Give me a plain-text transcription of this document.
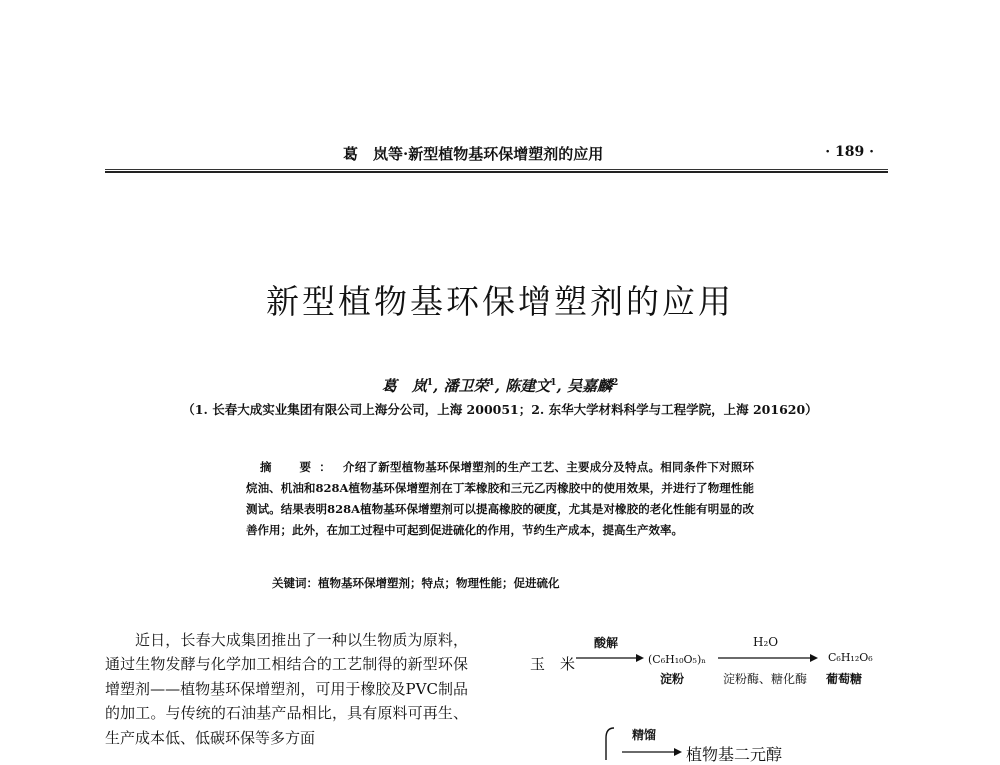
葛　岚等·新型植物基环保增塑剂的应用	· 189 ·
新型植物基环保增塑剂的应用
葛　岚$^1$, 潘卫荣$^1$, 陈建文$^1$, 吴嘉麟$^2$
（1. 长春大成实业集团有限公司上海分公司，上海 200051；2. 东华大学材料科学与工程学院，上海 201620）
摘　要： 介绍了新型植物基环保增塑剂的生产工艺、主要成分及特点。相同条件下对照环烷油、机油和828A植物基环保增塑剂在丁苯橡胶和三元乙丙橡胶中的使用效果，并进行了物理性能测试。结果表明828A植物基环保增塑剂可以提高橡胶的硬度，尤其是对橡胶的老化性能有明显的改善作用；此外，在加工过程中可起到促进硫化的作用，节约生产成本，提高生产效率。
关键词：植物基环保增塑剂；特点；物理性能；促进硫化

近日，长春大成集团推出了一种以生物质为原料，通过生物发酵与化学加工相结合的工艺制得的新型环保增塑剂——植物基环保增塑剂，可用于橡胶及PVC制品的加工。与传统的石油基产品相比，具有原料可再生、生产成本低、低碳环保等多方面

玉　米
酸解
(C₆H₁₀O₅)ₙ
淀粉
H₂O
淀粉酶、糖化酶
C₆H₁₂O₆
葡萄糖
精馏
植物基二元醇
